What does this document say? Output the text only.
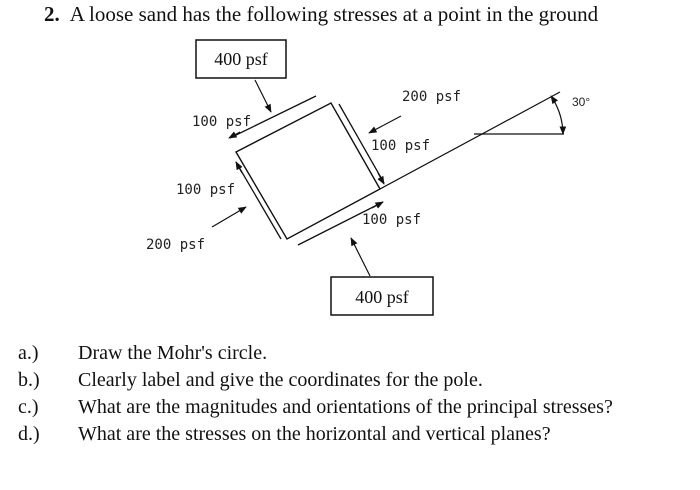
2. A loose sand has the following stresses at a point in the ground
400 psf
400 psf
30°
100 psf
200 psf
100 psf
100 psf
200 psf
100 psf
a.) Draw the Mohr's circle.
b.) Clearly label and give the coordinates for the pole.
c.) What are the magnitudes and orientations of the principal stresses?
d.) What are the stresses on the horizontal and vertical planes?
